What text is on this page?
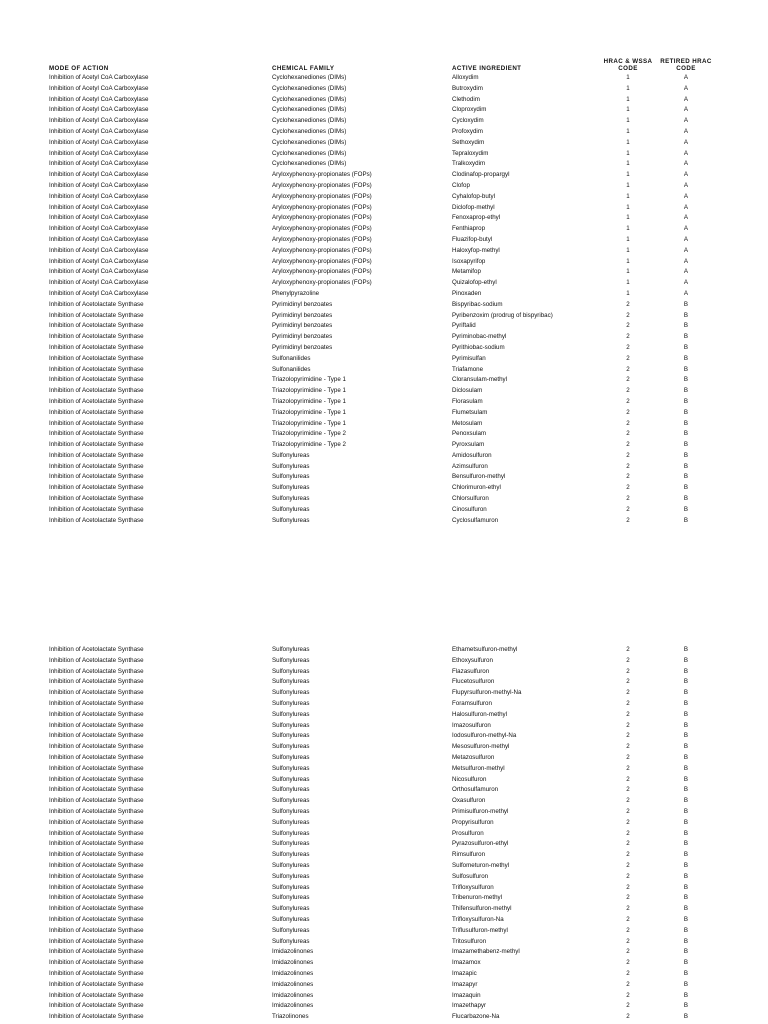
HRAC & WSSA
CODE
RETIRED HRAC
CODE
MODE OF ACTION	CHEMICAL FAMILY	ACTIVE INGREDIENT
Inhibition of Acetyl CoA Carboxylase	Cyclohexanediones (DIMs)	Alloxydim	1	A
Inhibition of Acetyl CoA Carboxylase	Cyclohexanediones (DIMs)	Butroxydim	1	A
Inhibition of Acetyl CoA Carboxylase	Cyclohexanediones (DIMs)	Clethodim	1	A
Inhibition of Acetyl CoA Carboxylase	Cyclohexanediones (DIMs)	Cloproxydim	1	A
Inhibition of Acetyl CoA Carboxylase	Cyclohexanediones (DIMs)	Cycloxydim	1	A
Inhibition of Acetyl CoA Carboxylase	Cyclohexanediones (DIMs)	Profoxydim	1	A
Inhibition of Acetyl CoA Carboxylase	Cyclohexanediones (DIMs)	Sethoxydim	1	A
Inhibition of Acetyl CoA Carboxylase	Cyclohexanediones (DIMs)	Tepraloxydim	1	A
Inhibition of Acetyl CoA Carboxylase	Cyclohexanediones (DIMs)	Tralkoxydim	1	A
Inhibition of Acetyl CoA Carboxylase	Aryloxyphenoxy-propionates (FOPs)	Clodinafop-propargyl	1	A
Inhibition of Acetyl CoA Carboxylase	Aryloxyphenoxy-propionates (FOPs)	Clofop	1	A
Inhibition of Acetyl CoA Carboxylase	Aryloxyphenoxy-propionates (FOPs)	Cyhalofop-butyl	1	A
Inhibition of Acetyl CoA Carboxylase	Aryloxyphenoxy-propionates (FOPs)	Diclofop-methyl	1	A
Inhibition of Acetyl CoA Carboxylase	Aryloxyphenoxy-propionates (FOPs)	Fenoxaprop-ethyl	1	A
Inhibition of Acetyl CoA Carboxylase	Aryloxyphenoxy-propionates (FOPs)	Fenthiaprop	1	A
Inhibition of Acetyl CoA Carboxylase	Aryloxyphenoxy-propionates (FOPs)	Fluazifop-butyl	1	A
Inhibition of Acetyl CoA Carboxylase	Aryloxyphenoxy-propionates (FOPs)	Haloxyfop-methyl	1	A
Inhibition of Acetyl CoA Carboxylase	Aryloxyphenoxy-propionates (FOPs)	Isoxapyrifop	1	A
Inhibition of Acetyl CoA Carboxylase	Aryloxyphenoxy-propionates (FOPs)	Metamifop	1	A
Inhibition of Acetyl CoA Carboxylase	Aryloxyphenoxy-propionates (FOPs)	Quizalofop-ethyl	1	A
Inhibition of Acetyl CoA Carboxylase	Phenylpyrazoline	Pinoxaden	1	A
Inhibition of Acetolactate Synthase	Pyrimidinyl benzoates	Bispyribac-sodium	2	B
Inhibition of Acetolactate Synthase	Pyrimidinyl benzoates	Pyribenzoxim (prodrug of bispyribac)	2	B
Inhibition of Acetolactate Synthase	Pyrimidinyl benzoates	Pyriftalid	2	B
Inhibition of Acetolactate Synthase	Pyrimidinyl benzoates	Pyriminobac-methyl	2	B
Inhibition of Acetolactate Synthase	Pyrimidinyl benzoates	Pyrithiobac-sodium	2	B
Inhibition of Acetolactate Synthase	Sulfonanilides	Pyrimisulfan	2	B
Inhibition of Acetolactate Synthase	Sulfonanilides	Triafamone	2	B
Inhibition of Acetolactate Synthase	Triazolopyrimidine - Type 1	Cloransulam-methyl	2	B
Inhibition of Acetolactate Synthase	Triazolopyrimidine - Type 1	Diclosulam	2	B
Inhibition of Acetolactate Synthase	Triazolopyrimidine - Type 1	Florasulam	2	B
Inhibition of Acetolactate Synthase	Triazolopyrimidine - Type 1	Flumetsulam	2	B
Inhibition of Acetolactate Synthase	Triazolopyrimidine - Type 1	Metosulam	2	B
Inhibition of Acetolactate Synthase	Triazolopyrimidine - Type 2	Penoxsulam	2	B
Inhibition of Acetolactate Synthase	Triazolopyrimidine - Type 2	Pyroxsulam	2	B
Inhibition of Acetolactate Synthase	Sulfonylureas	Amidosulfuron	2	B
Inhibition of Acetolactate Synthase	Sulfonylureas	Azimsulfuron	2	B
Inhibition of Acetolactate Synthase	Sulfonylureas	Bensulfuron-methyl	2	B
Inhibition of Acetolactate Synthase	Sulfonylureas	Chlorimuron-ethyl	2	B
Inhibition of Acetolactate Synthase	Sulfonylureas	Chlorsulfuron	2	B
Inhibition of Acetolactate Synthase	Sulfonylureas	Cinosulfuron	2	B
Inhibition of Acetolactate Synthase	Sulfonylureas	Cyclosulfamuron	2	B
Inhibition of Acetolactate Synthase	Sulfonylureas	Ethametsulfuron-methyl	2	B
Inhibition of Acetolactate Synthase	Sulfonylureas	Ethoxysulfuron	2	B
Inhibition of Acetolactate Synthase	Sulfonylureas	Flazasulfuron	2	B
Inhibition of Acetolactate Synthase	Sulfonylureas	Flucetosulfuron	2	B
Inhibition of Acetolactate Synthase	Sulfonylureas	Flupyrsulfuron-methyl-Na	2	B
Inhibition of Acetolactate Synthase	Sulfonylureas	Foramsulfuron	2	B
Inhibition of Acetolactate Synthase	Sulfonylureas	Halosulfuron-methyl	2	B
Inhibition of Acetolactate Synthase	Sulfonylureas	Imazosulfuron	2	B
Inhibition of Acetolactate Synthase	Sulfonylureas	Iodosulfuron-methyl-Na	2	B
Inhibition of Acetolactate Synthase	Sulfonylureas	Mesosulfuron-methyl	2	B
Inhibition of Acetolactate Synthase	Sulfonylureas	Metazosulfuron	2	B
Inhibition of Acetolactate Synthase	Sulfonylureas	Metsulfuron-methyl	2	B
Inhibition of Acetolactate Synthase	Sulfonylureas	Nicosulfuron	2	B
Inhibition of Acetolactate Synthase	Sulfonylureas	Orthosulfamuron	2	B
Inhibition of Acetolactate Synthase	Sulfonylureas	Oxasulfuron	2	B
Inhibition of Acetolactate Synthase	Sulfonylureas	Primisulfuron-methyl	2	B
Inhibition of Acetolactate Synthase	Sulfonylureas	Propyrisulfuron	2	B
Inhibition of Acetolactate Synthase	Sulfonylureas	Prosulfuron	2	B
Inhibition of Acetolactate Synthase	Sulfonylureas	Pyrazosulfuron-ethyl	2	B
Inhibition of Acetolactate Synthase	Sulfonylureas	Rimsulfuron	2	B
Inhibition of Acetolactate Synthase	Sulfonylureas	Sulfometuron-methyl	2	B
Inhibition of Acetolactate Synthase	Sulfonylureas	Sulfosulfuron	2	B
Inhibition of Acetolactate Synthase	Sulfonylureas	Trifloxysulfuron	2	B
Inhibition of Acetolactate Synthase	Sulfonylureas	Tribenuron-methyl	2	B
Inhibition of Acetolactate Synthase	Sulfonylureas	Thifensulfuron-methyl	2	B
Inhibition of Acetolactate Synthase	Sulfonylureas	Trifloxysulfuron-Na	2	B
Inhibition of Acetolactate Synthase	Sulfonylureas	Triflusulfuron-methyl	2	B
Inhibition of Acetolactate Synthase	Sulfonylureas	Tritosulfuron	2	B
Inhibition of Acetolactate Synthase	Imidazolinones	Imazamethabenz-methyl	2	B
Inhibition of Acetolactate Synthase	Imidazolinones	Imazamox	2	B
Inhibition of Acetolactate Synthase	Imidazolinones	Imazapic	2	B
Inhibition of Acetolactate Synthase	Imidazolinones	Imazapyr	2	B
Inhibition of Acetolactate Synthase	Imidazolinones	Imazaquin	2	B
Inhibition of Acetolactate Synthase	Imidazolinones	Imazethapyr	2	B
Inhibition of Acetolactate Synthase	Triazolinones	Flucarbazone-Na	2	B
